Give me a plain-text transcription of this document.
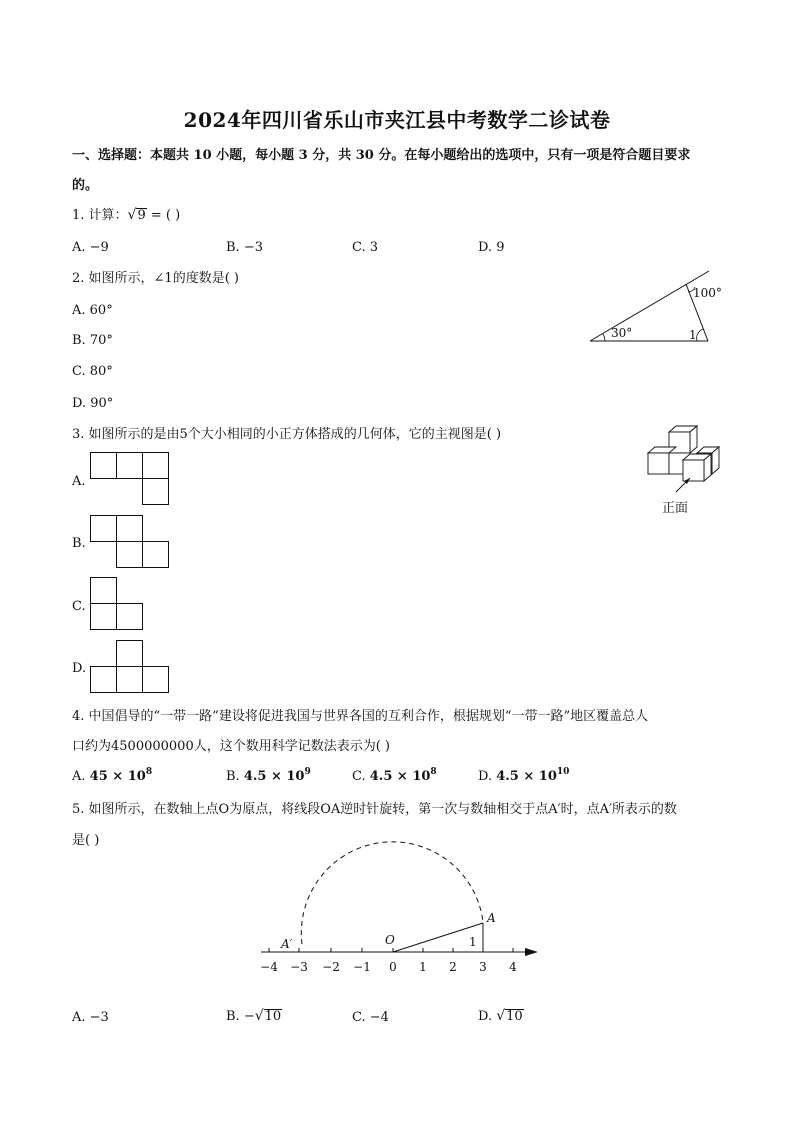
2024年四川省乐山市夹江县中考数学二诊试卷
一、选择题：本题共 10 小题，每小题 3 分，共 30 分。在每小题给出的选项中，只有一项是符合题目要求
的。
1. 计算：√9 = ( )
A. −9	B. −3	C. 3	D. 9
2. 如图所示，∠1的度数是( )
A. 60°
B. 70°
C. 80°
D. 90°
100°
30°	1
3. 如图所示的是由5个大小相同的小正方体搭成的几何体，它的主视图是( )
A.
B.
C.
D.
正面
4. 中国倡导的“一带一路”建设将促进我国与世界各国的互利合作，根据规划“一带一路”地区覆盖总人
口约为4500000000人，这个数用科学记数法表示为( )
A. $45 \times 10^8$	B. $4.5 \times 10^9$	C. $4.5 \times 10^8$	D. $4.5 \times 10^{10}$
5. 如图所示，在数轴上点O为原点，将线段OA逆时针旋转，第一次与数轴相交于点A′时，点A′所表示的数
是( )
−4 −3 −2 −1 0 1 2 3 4
O
A
A′	1
A. −3	B. −√10	C. −4	D. √10
